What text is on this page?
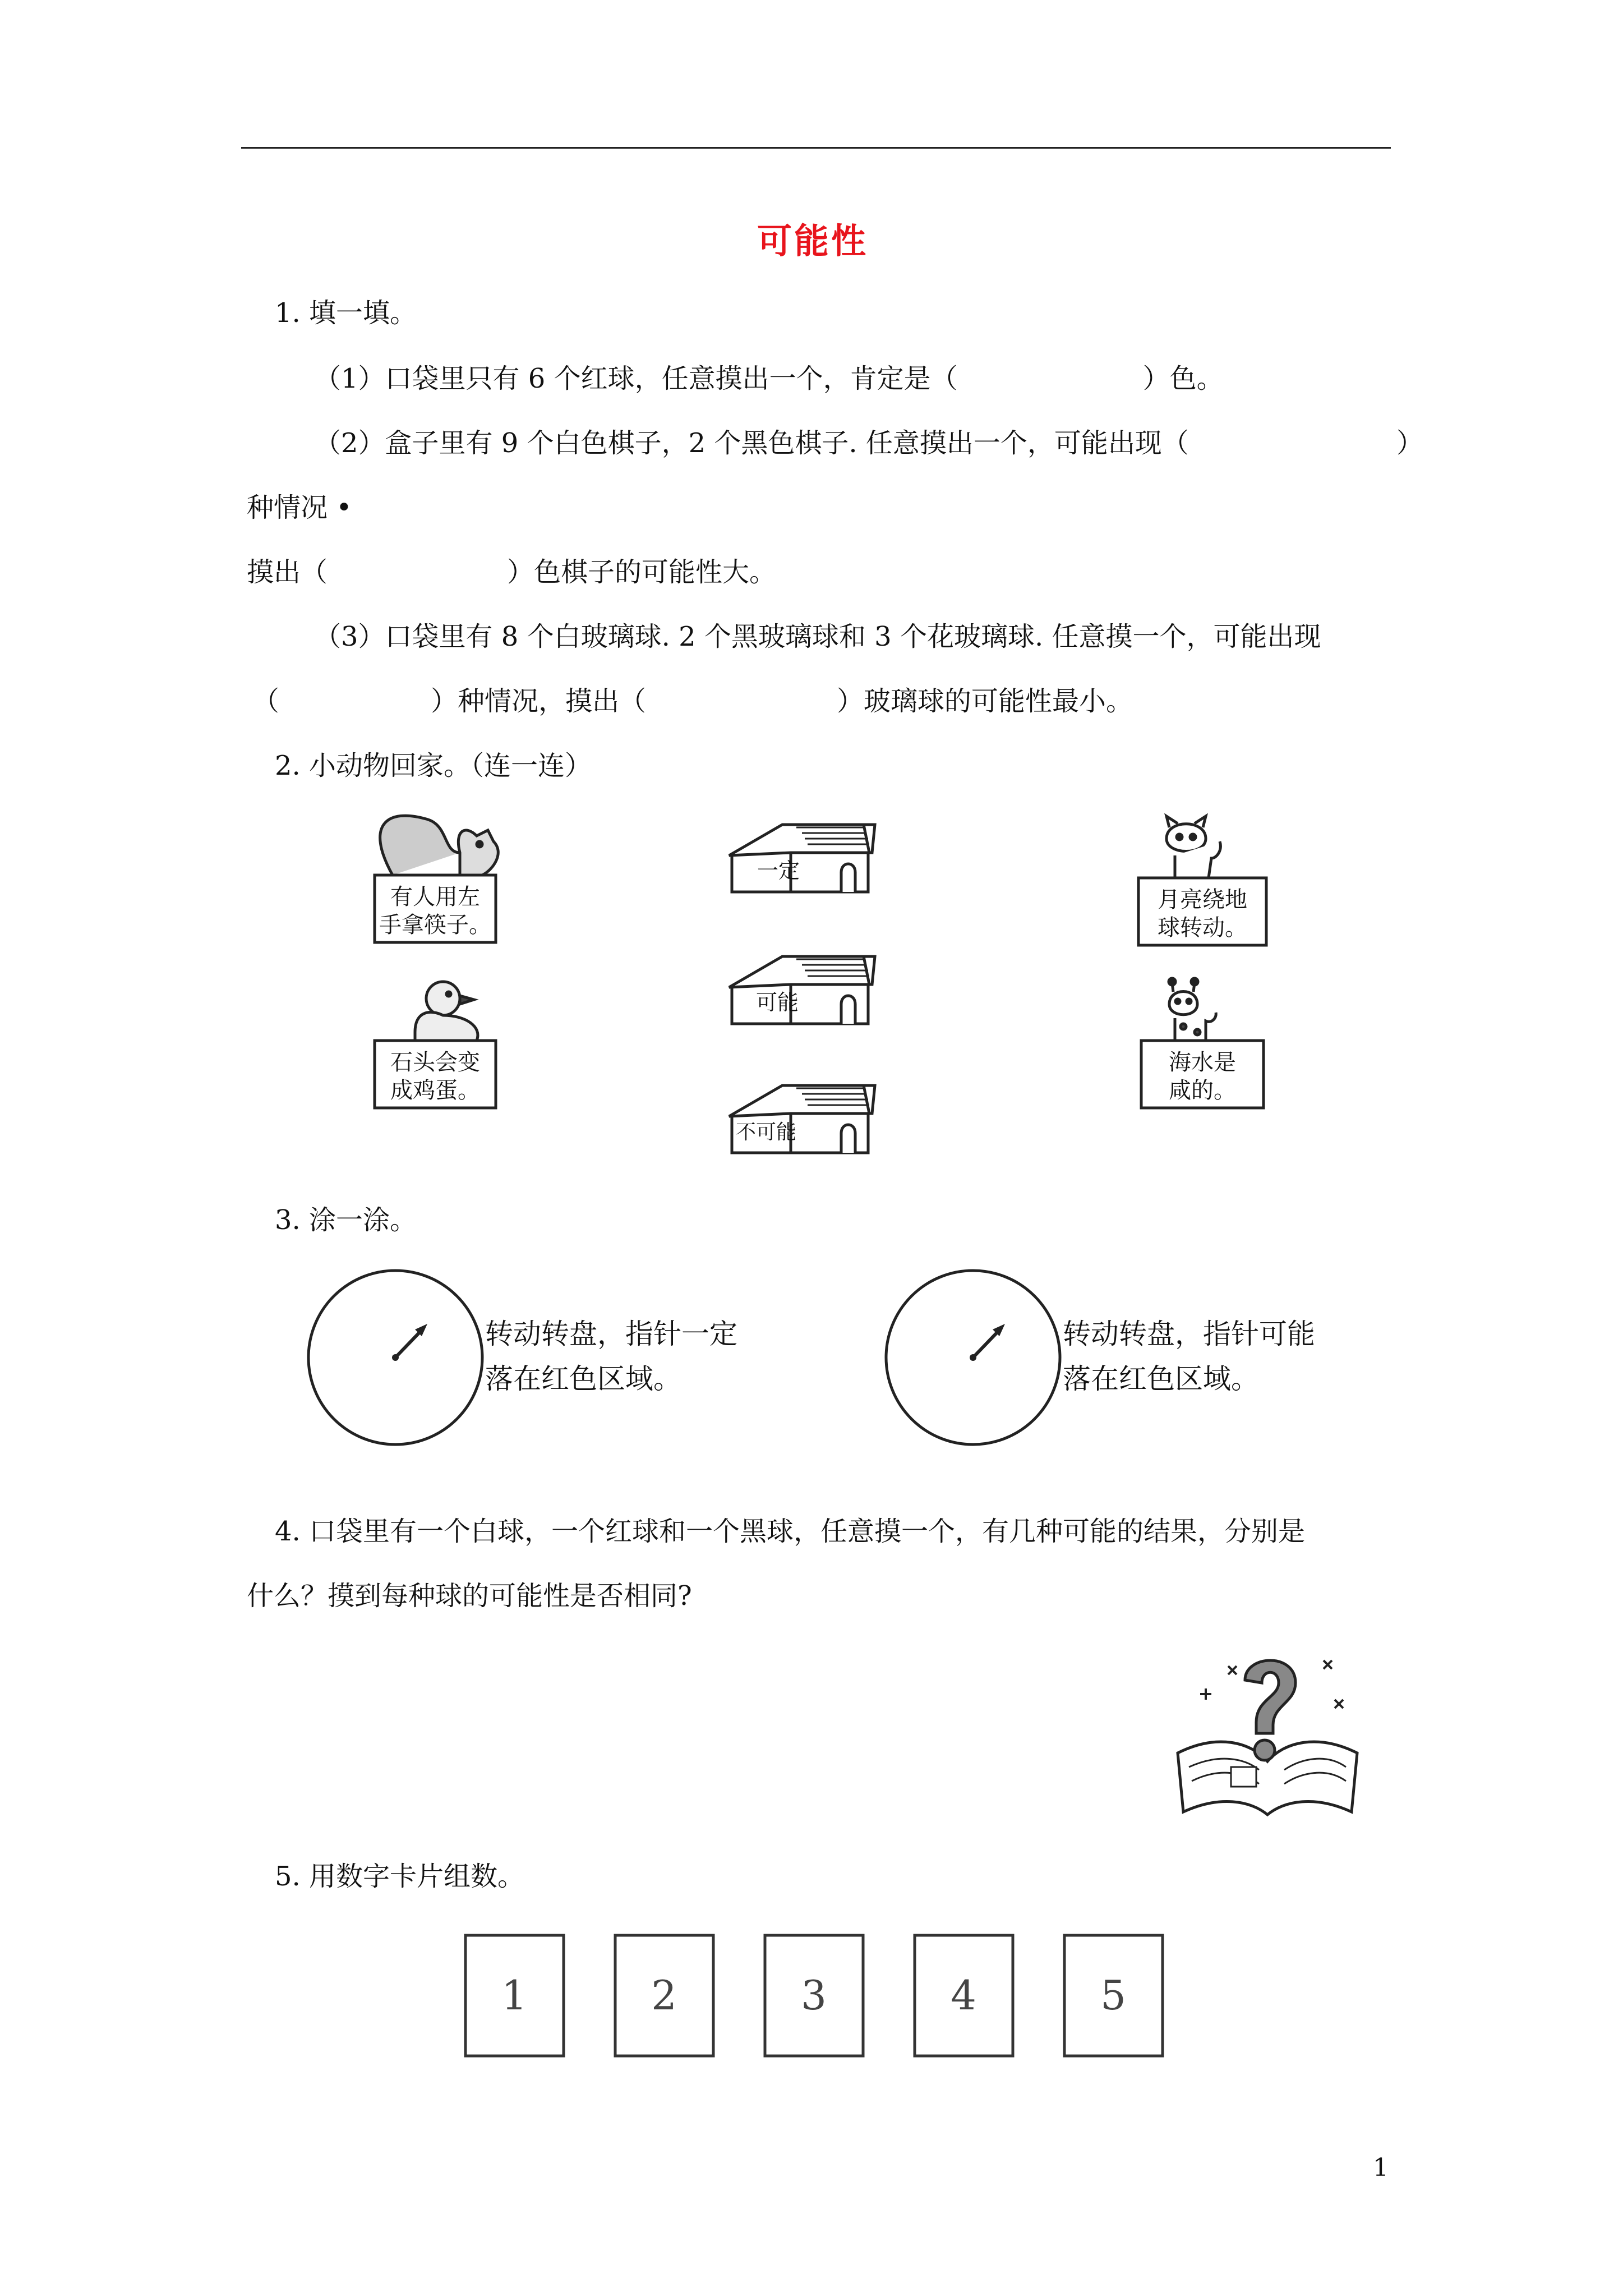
可能性
1. 填一填。
（1）口袋里只有 6 个红球，任意摸出一个，肯定是（	）色。
（2）盒子里有 9 个白色棋子，2 个黑色棋子. 任意摸出一个，可能出现（	）
种情况 •
摸出（	）色棋子的可能性大。
（3）口袋里有 8 个白玻璃球. 2 个黑玻璃球和 3 个花玻璃球. 任意摸一个，可能出现
（	）种情况，摸出（	）玻璃球的可能性最小。
2. 小动物回家。（连一连）
有人用左
手拿筷子。
石头会变
成鸡蛋。
一定
可能
不可能
月亮绕地
球转动。
海水是
咸的。
3. 涂一涂。
转动转盘，指针一定
落在红色区域。
转动转盘，指针可能
落在红色区域。
4. 口袋里有一个白球，一个红球和一个黑球，任意摸一个，有几种可能的结果，分别是
什么？摸到每种球的可能性是否相同?
5. 用数字卡片组数。
1	2	3	4	5
1
